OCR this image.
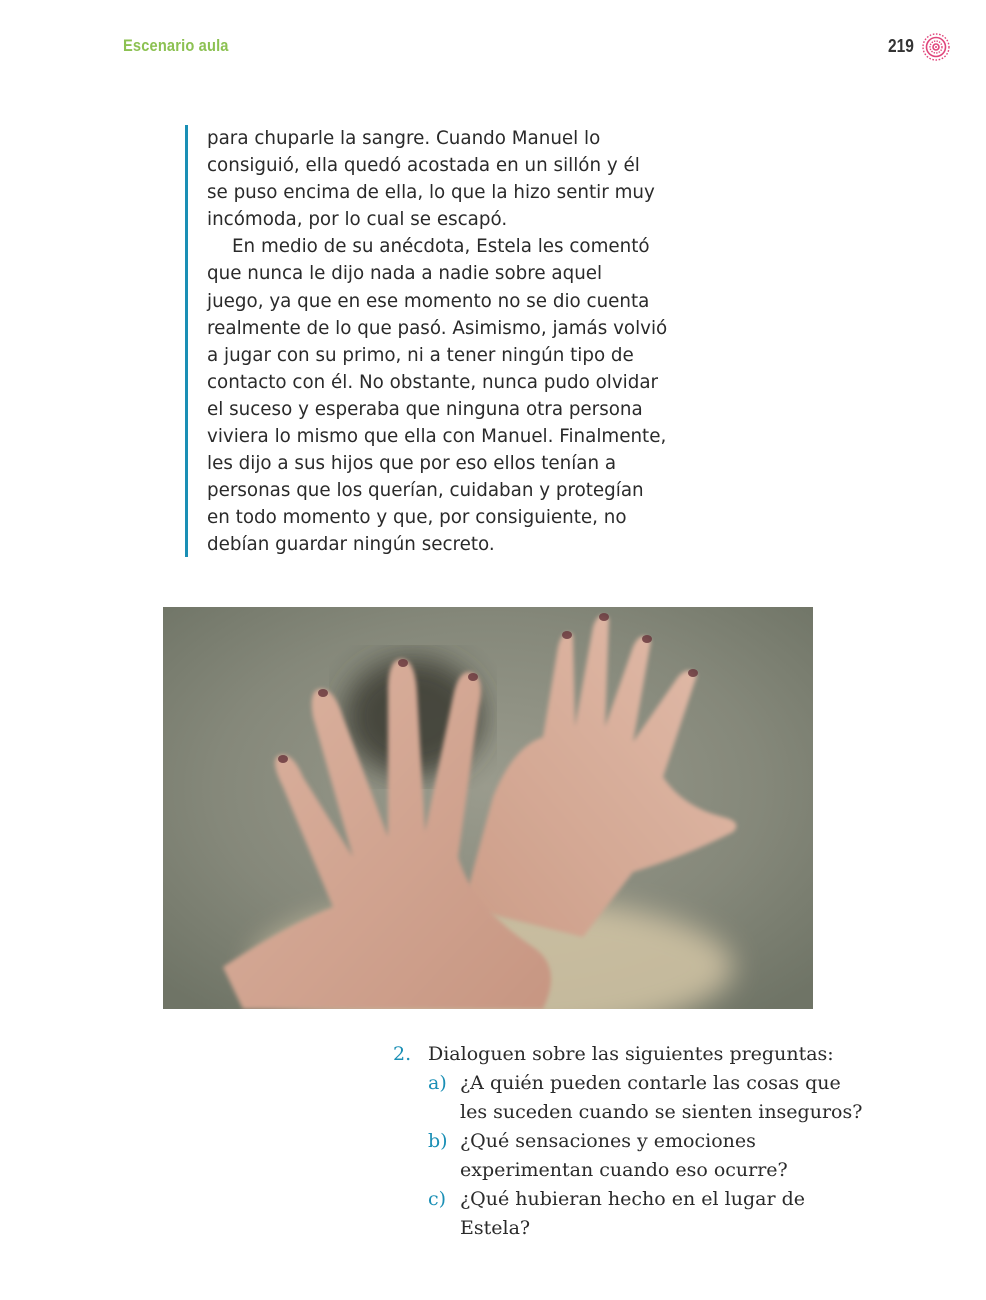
Escenario aula	219

para chuparle la sangre. Cuando Manuel lo
consiguió, ella quedó acostada en un sillón y él
se puso encima de ella, lo que la hizo sentir muy
incómoda, por lo cual se escapó.

En medio de su anécdota, Estela les comentó
que nunca le dijo nada a nadie sobre aquel
juego, ya que en ese momento no se dio cuenta
realmente de lo que pasó. Asimismo, jamás volvió
a jugar con su primo, ni a tener ningún tipo de
contacto con él. No obstante, nunca pudo olvidar
el suceso y esperaba que ninguna otra persona
viviera lo mismo que ella con Manuel. Finalmente,
les dijo a sus hijos que por eso ellos tenían a
personas que los querían, cuidaban y protegían
en todo momento y que, por consiguiente, no
debían guardar ningún secreto.

2. Dialoguen sobre las siguientes preguntas:
a) ¿A quién pueden contarle las cosas que
les suceden cuando se sienten inseguros?
b) ¿Qué sensaciones y emociones
experimentan cuando eso ocurre?
c) ¿Qué hubieran hecho en el lugar de
Estela?
